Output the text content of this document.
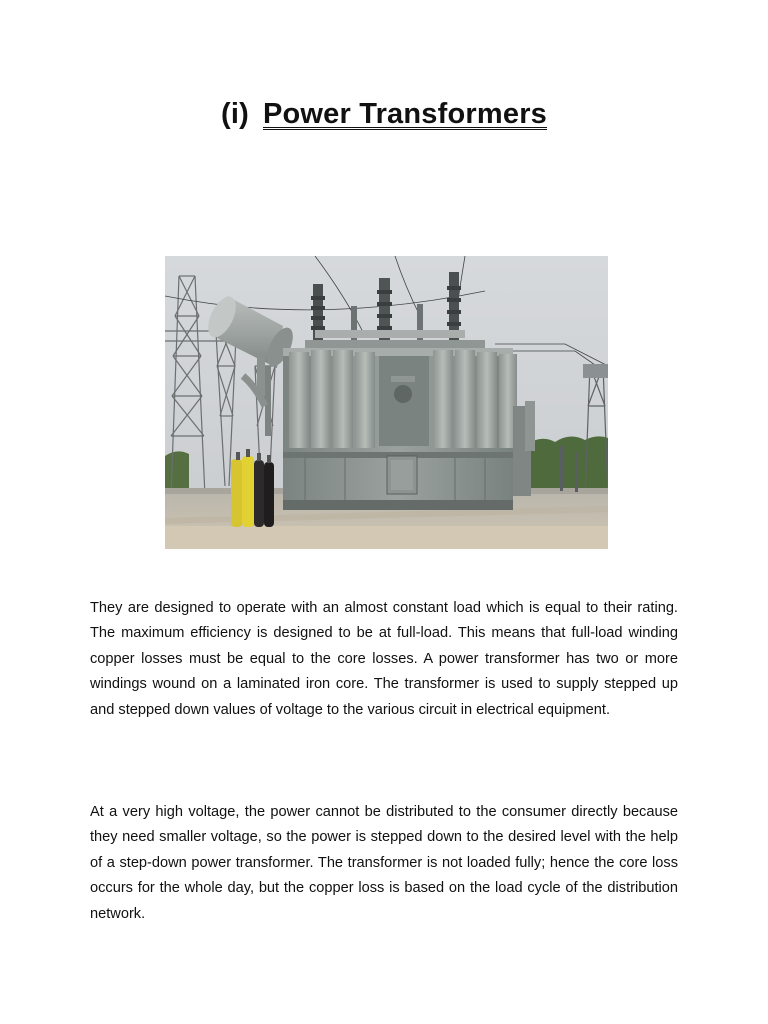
(i) Power Transformers

They are designed to operate with an almost constant load which is equal to their rating. The maximum efficiency is designed to be at full-load. This means that full-load winding copper losses must be equal to the core losses. A power transformer has two or more windings wound on a laminated iron core. The transformer is used to supply stepped up and stepped down values of voltage to the various circuit in electrical equipment.

At a very high voltage, the power cannot be distributed to the consumer directly because they need smaller voltage, so the power is stepped down to the desired level with the help of a step-down power transformer. The transformer is not loaded fully; hence the core loss occurs for the whole day, but the copper loss is based on the load cycle of the distribution network.
